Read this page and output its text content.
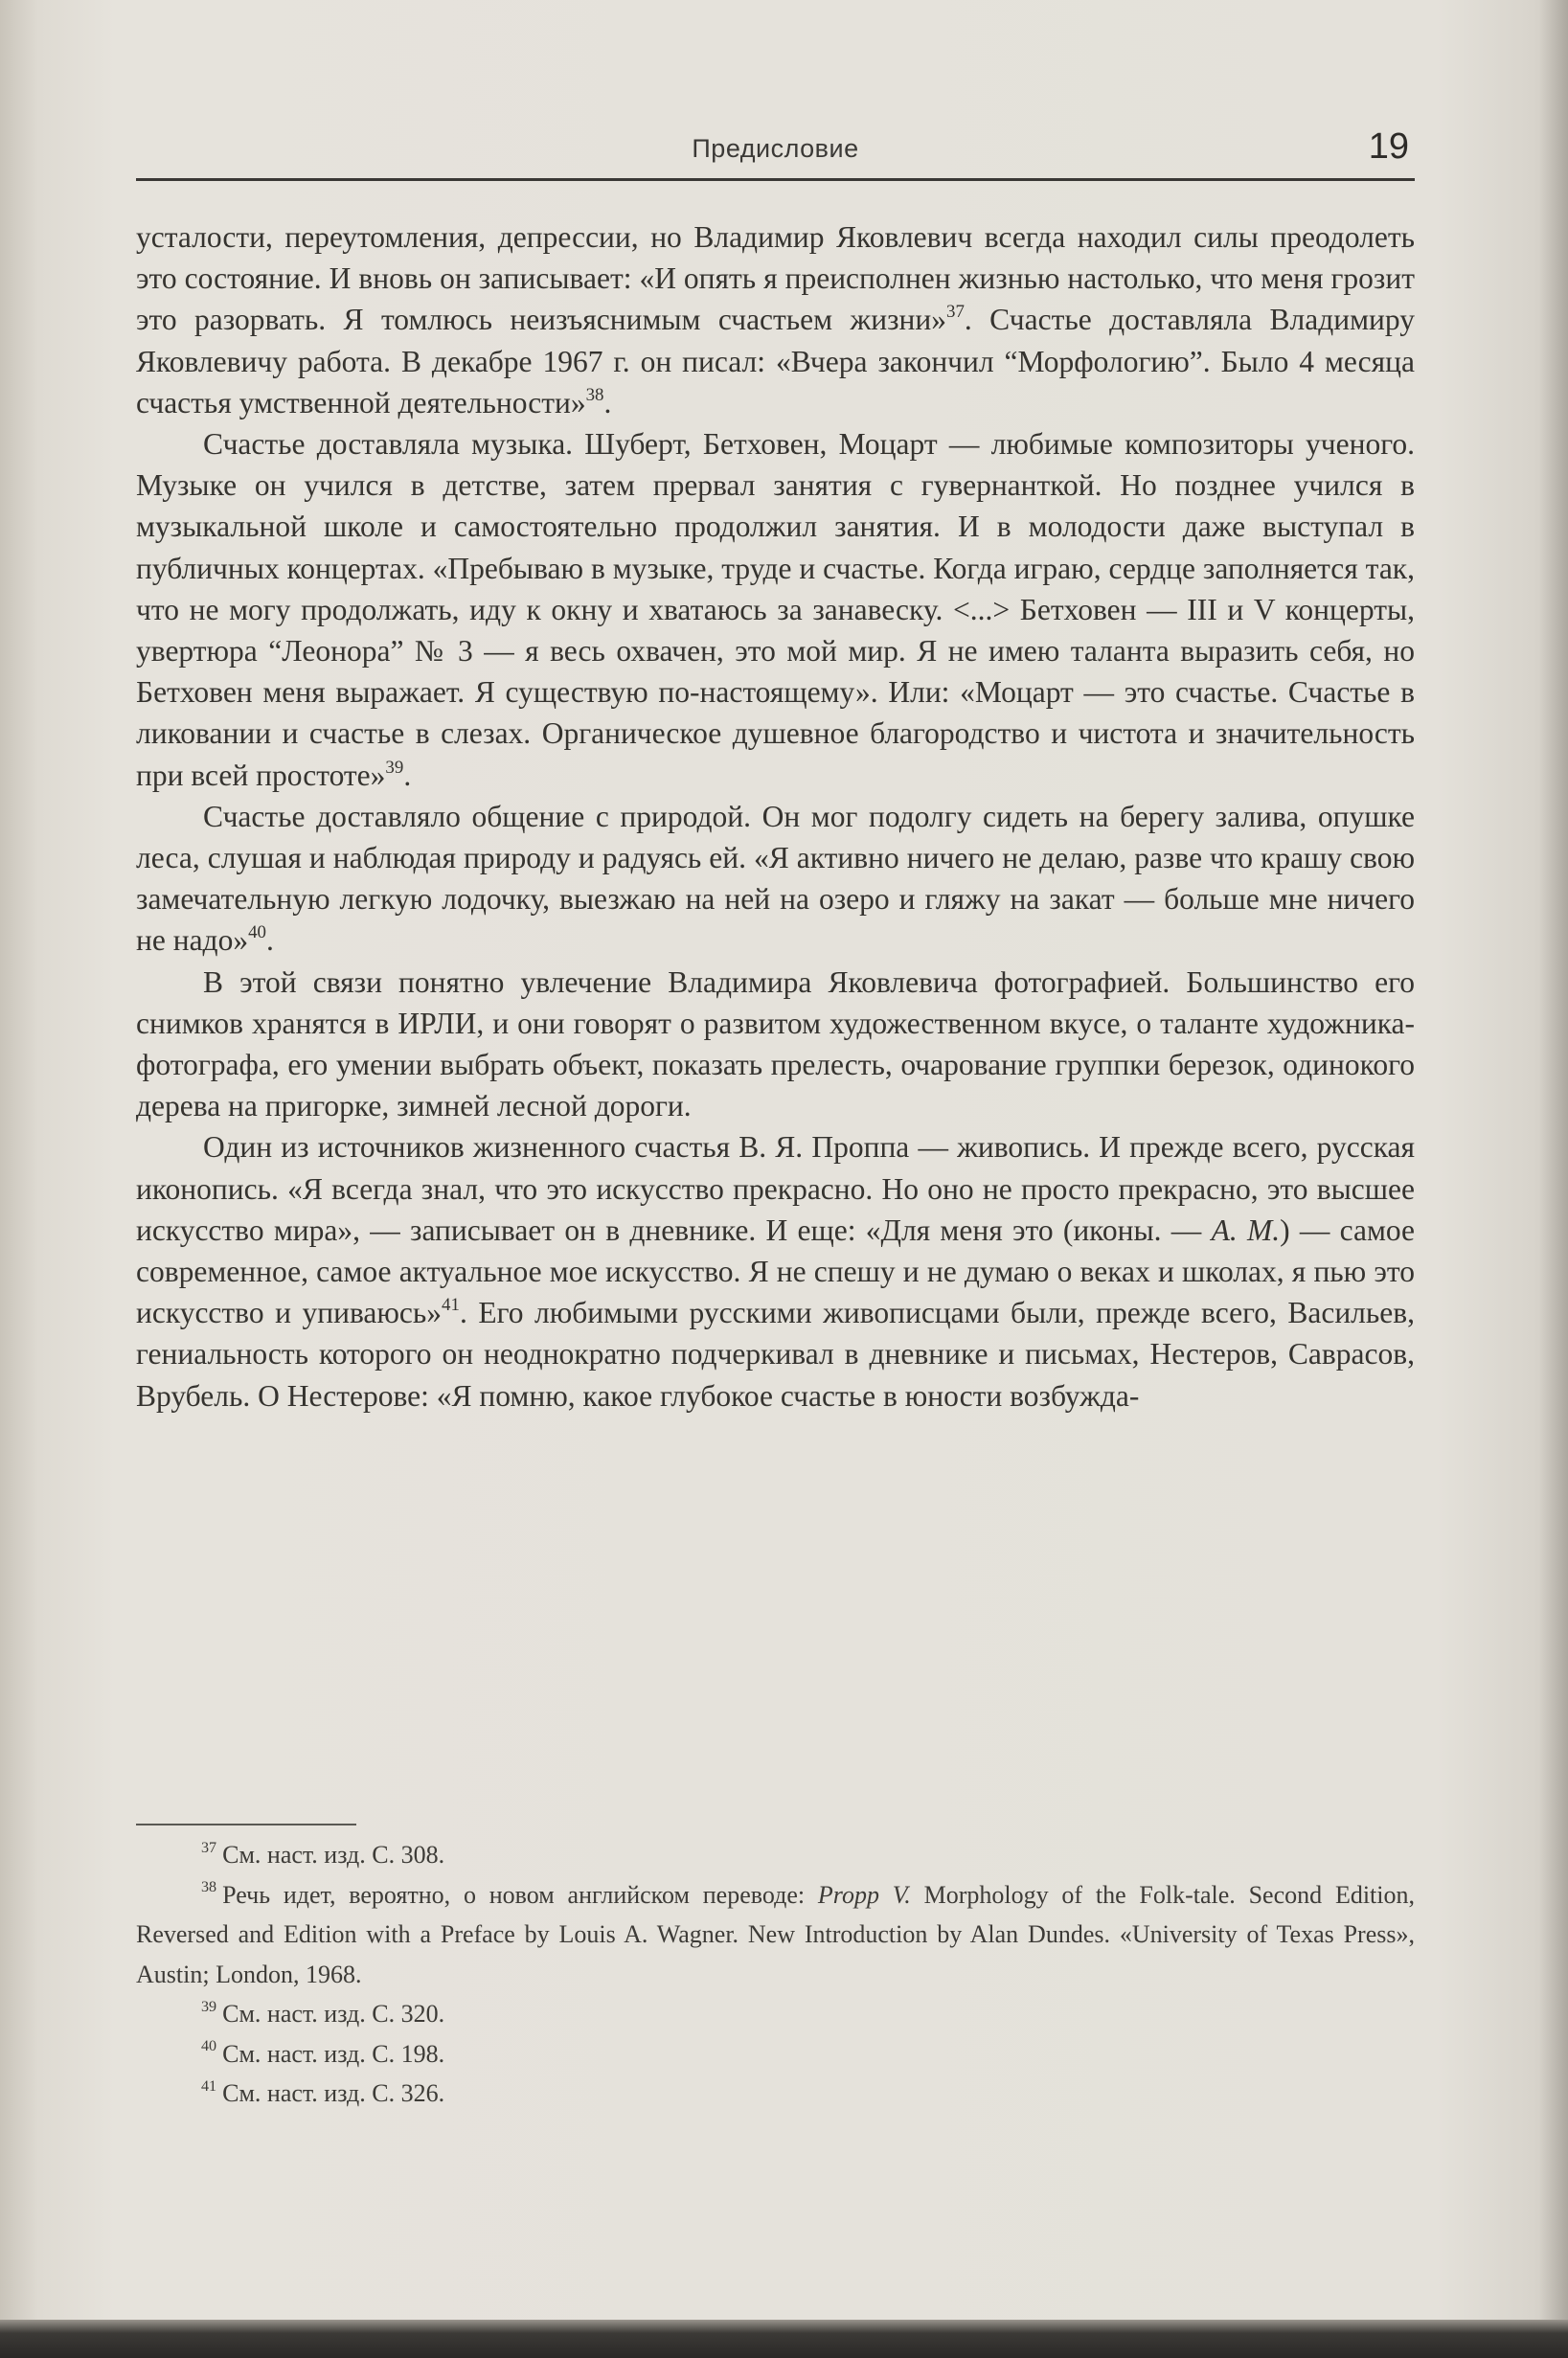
Предисловие	19

усталости, переутомления, депрессии, но Владимир Яковлевич всегда находил силы преодолеть это состояние. И вновь он записывает: «И опять я преисполнен жизнью настолько, что меня грозит это разорвать. Я томлюсь неизъяснимым счастьем жизни»$^{37}$. Счастье доставляла Владимиру Яковлевичу работа. В декабре 1967 г. он писал: «Вчера закончил “Морфологию”. Было 4 месяца счастья умственной деятельности»$^{38}$.

Счастье доставляла музыка. Шуберт, Бетховен, Моцарт — любимые композиторы ученого. Музыке он учился в детстве, затем прервал занятия с гувернанткой. Но позднее учился в музыкальной школе и самостоятельно продолжил занятия. И в молодости даже выступал в публичных концертах. «Пребываю в музыке, труде и счастье. Когда играю, сердце заполняется так, что не могу продолжать, иду к окну и хватаюсь за занавеску. <...> Бетховен — III и V концерты, увертюра “Леонора” № 3 — я весь охвачен, это мой мир. Я не имею таланта выразить себя, но Бетховен меня выражает. Я существую по-настоящему». Или: «Моцарт — это счастье. Счастье в ликовании и счастье в слезах. Органическое душевное благородство и чистота и значительность при всей простоте»$^{39}$.

Счастье доставляло общение с природой. Он мог подолгу сидеть на берегу залива, опушке леса, слушая и наблюдая природу и радуясь ей. «Я активно ничего не делаю, разве что крашу свою замечательную легкую лодочку, выезжаю на ней на озеро и гляжу на закат — больше мне ничего не надо»$^{40}$.

В этой связи понятно увлечение Владимира Яковлевича фотографией. Большинство его снимков хранятся в ИРЛИ, и они говорят о развитом художественном вкусе, о таланте художника-фотографа, его умении выбрать объект, показать прелесть, очарование группки березок, одинокого дерева на пригорке, зимней лесной дороги.

Один из источников жизненного счастья В. Я. Проппа — живопись. И прежде всего, русская иконопись. «Я всегда знал, что это искусство прекрасно. Но оно не просто прекрасно, это высшее искусство мира», — записывает он в дневнике. И еще: «Для меня это (иконы. — А. М.) — самое современное, самое актуальное мое искусство. Я не спешу и не думаю о веках и школах, я пью это искусство и упиваюсь»$^{41}$. Его любимыми русскими живописцами были, прежде всего, Васильев, гениальность которого он неоднократно подчеркивал в дневнике и письмах, Нестеров, Саврасов, Врубель. О Нестерове: «Я помню, какое глубокое счастье в юности возбужда-

$^{37}$ См. наст. изд. С. 308.

$^{38}$ Речь идет, вероятно, о новом английском переводе: Propp V. Morphology of the Folk-tale. Second Edition, Reversed and Edition with a Preface by Louis A. Wagner. New Introduction by Alan Dundes. «University of Texas Press», Austin; London, 1968.

$^{39}$ См. наст. изд. С. 320.

$^{40}$ См. наст. изд. С. 198.

$^{41}$ См. наст. изд. С. 326.
